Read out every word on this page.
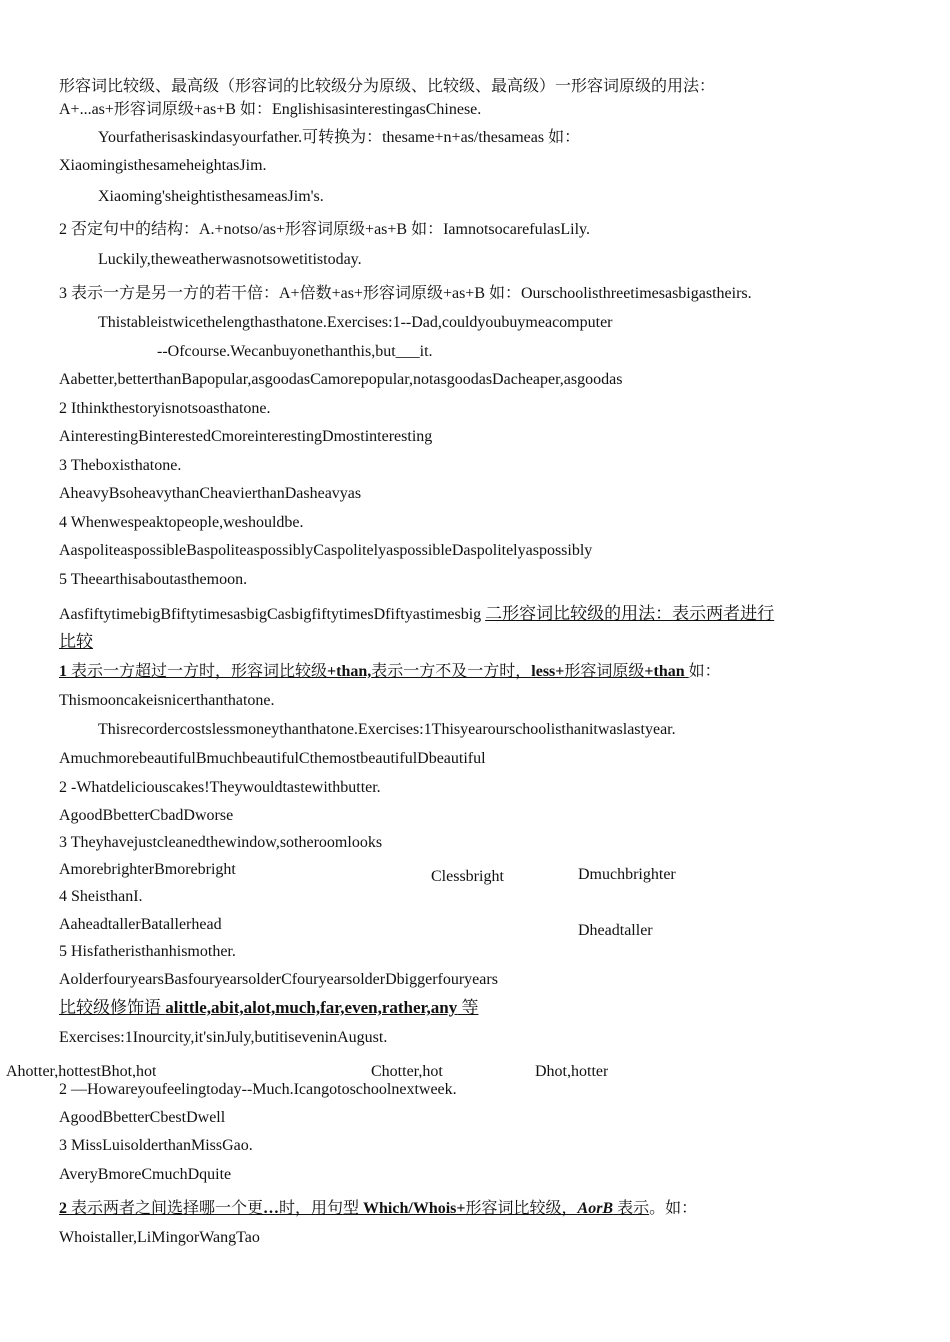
形容词比较级、最高级（形容词的比较级分为原级、比较级、最高级）一形容词原级的用法：
A+...as+形容词原级+as+B 如：EnglishisasinterestingasChinese.
Yourfatherisaskindasyourfather.可转换为：thesame+n+as/thesameas 如：
XiaomingisthesameheightasJim.
Xiaoming'sheightisthesameasJim's.
2 否定句中的结构：A.+notso/as+形容词原级+as+B 如：IamnotsocarefulasLily.
Luckily,theweatherwasnotsowetitistoday.
3 表示一方是另一方的若干倍：A+倍数+as+形容词原级+as+B 如：Ourschoolisthreetimesasbigastheirs.
Thistableistwicethelengthasthatone.Exercises:1--Dad,couldyoubuymeacomputer
--Ofcourse.Wecanbuyonethanthis,but___it.
Aabetter,betterthanBapopular,asgoodasCamorepopular,notasgoodasDacheaper,asgoodas
2 Ithinkthestoryisnotsoasthatone.
AinterestingBinterestedCmoreinterestingDmostinteresting
3 Theboxisthatone.
AheavyBsoheavythanCheavierthanDasheavyas
4 Whenwespeaktopeople,weshouldbe.
AaspoliteaspossibleBaspoliteaspossiblyCaspolitelyaspossibleDaspolitelyaspossibly
5 Theearthisaboutasthemoon.
AasfiftytimebigBfiftytimesasbigCasbigfiftytimesDfiftyastimesbig 二形容词比较级的用法：表示两者进行
比较
1 表示一方超过一方时，形容词比较级+than,表示一方不及一方时，less+形容词原级+than 如：
Thismooncakeisnicerthanthatone.
Thisrecordercostslessmoneythanthatone.Exercises:1Thisyearourschoolisthanitwaslastyear.
AmuchmorebeautifulBmuchbeautifulCthemostbeautifulDbeautiful
2 -Whatdeliciouscakes!Theywouldtastewithbutter.
AgoodBbetterCbadDworse
3 Theyhavejustcleanedthewindow,sotheroomlooks
AmorebrighterBmorebright	Clessbright	Dmuchbrighter
4 SheisthanI.
AaheadtallerBatallerhead	Dheadtaller
5 Hisfatheristhanhismother.
AolderfouryearsBasfouryearsolderCfouryearsolderDbiggerfouryears
比较级修饰语 alittle,abit,alot,much,far,even,rather,any 等
Exercises:1Inourcity,it'sinJuly,butitiseveninAugust.
Ahotter,hottestBhot,hot	Chotter,hot	Dhot,hotter
2 —Howareyoufeelingtoday--Much.Icangotoschoolnextweek.
AgoodBbetterCbestDwell
3 MissLuisolderthanMissGao.
AveryBmoreCmuchDquite
2 表示两者之间选择哪一个更…时，用句型 Which/Whois+形容词比较级，AorB 表示。如：
Whoistaller,LiMingorWangTao
